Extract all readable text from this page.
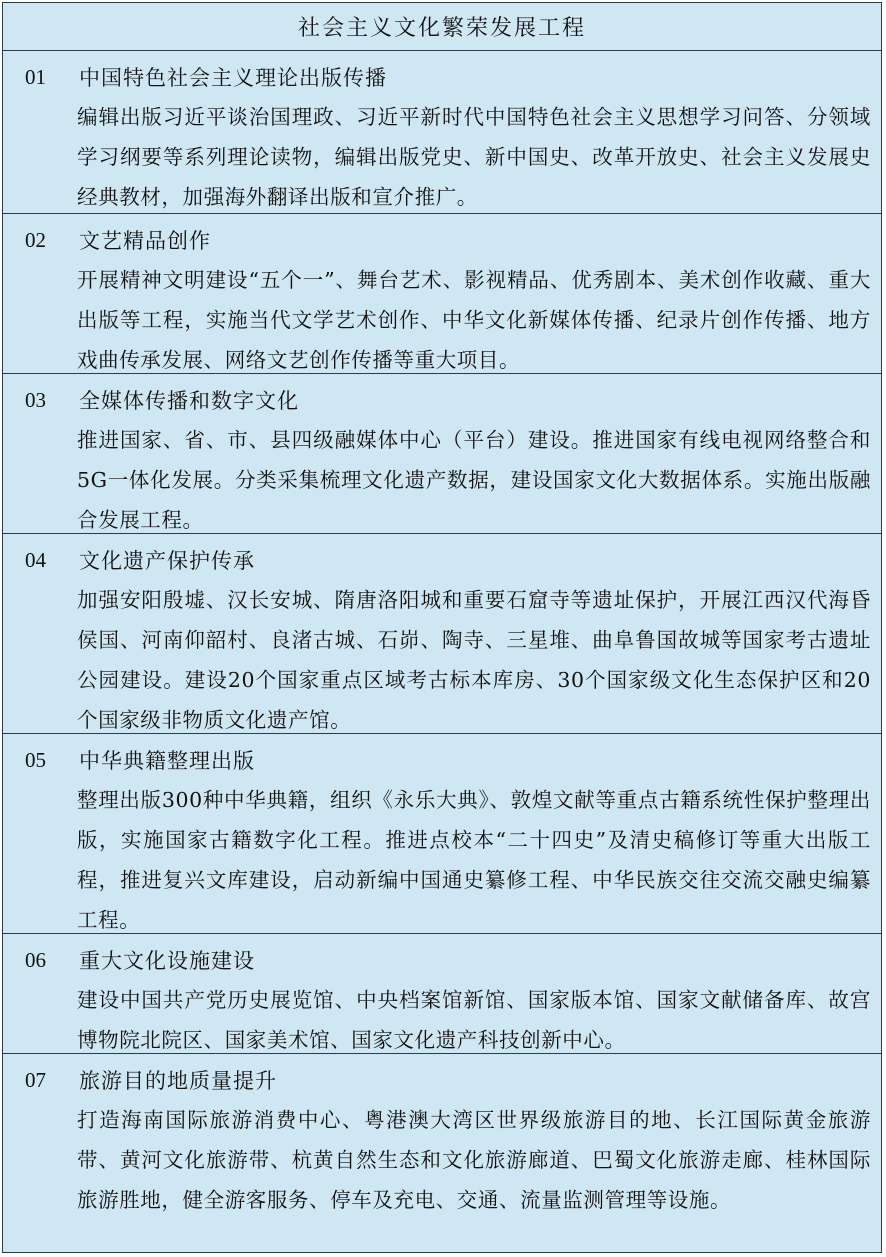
社会主义文化繁荣发展工程
01	中国特色社会主义理论出版传播
编辑出版习近平谈治国理政、习近平新时代中国特色社会主义思想学习问答、分领域学习纲要等系列理论读物，编辑出版党史、新中国史、改革开放史、社会主义发展史经典教材，加强海外翻译出版和宣介推广。
02	文艺精品创作
开展精神文明建设“五个一”、舞台艺术、影视精品、优秀剧本、美术创作收藏、重大出版等工程，实施当代文学艺术创作、中华文化新媒体传播、纪录片创作传播、地方戏曲传承发展、网络文艺创作传播等重大项目。
03	全媒体传播和数字文化
推进国家、省、市、县四级融媒体中心（平台）建设。推进国家有线电视网络整合和5G一体化发展。分类采集梳理文化遗产数据，建设国家文化大数据体系。实施出版融合发展工程。
04	文化遗产保护传承
加强安阳殷墟、汉长安城、隋唐洛阳城和重要石窟寺等遗址保护，开展江西汉代海昏侯国、河南仰韶村、良渚古城、石峁、陶寺、三星堆、曲阜鲁国故城等国家考古遗址公园建设。建设20个国家重点区域考古标本库房、30个国家级文化生态保护区和20个国家级非物质文化遗产馆。
05	中华典籍整理出版
整理出版300种中华典籍，组织《永乐大典》、敦煌文献等重点古籍系统性保护整理出版，实施国家古籍数字化工程。推进点校本“二十四史”及清史稿修订等重大出版工程，推进复兴文库建设，启动新编中国通史纂修工程、中华民族交往交流交融史编纂工程。
06	重大文化设施建设
建设中国共产党历史展览馆、中央档案馆新馆、国家版本馆、国家文献储备库、故宫博物院北院区、国家美术馆、国家文化遗产科技创新中心。
07	旅游目的地质量提升
打造海南国际旅游消费中心、粤港澳大湾区世界级旅游目的地、长江国际黄金旅游带、黄河文化旅游带、杭黄自然生态和文化旅游廊道、巴蜀文化旅游走廊、桂林国际旅游胜地，健全游客服务、停车及充电、交通、流量监测管理等设施。
